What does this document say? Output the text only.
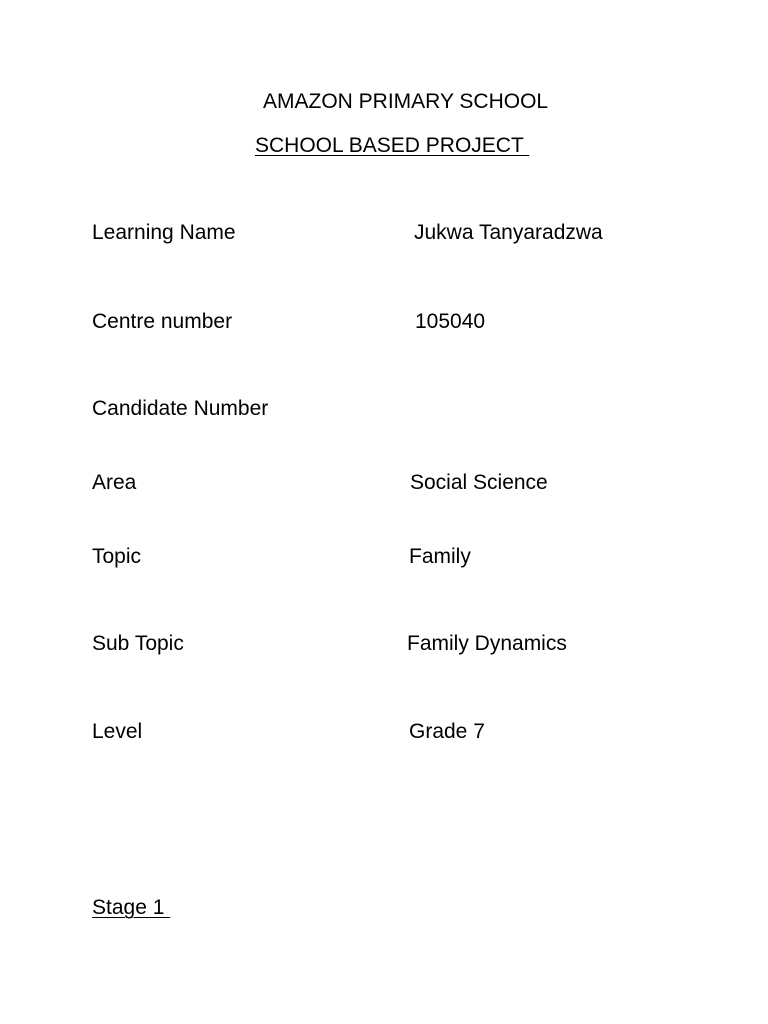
AMAZON PRIMARY SCHOOL
SCHOOL BASED PROJECT
Learning Name	Jukwa Tanyaradzwa
Centre number	105040
Candidate Number
Area	Social Science
Topic	Family
Sub Topic	Family Dynamics
Level	Grade 7
Stage 1
